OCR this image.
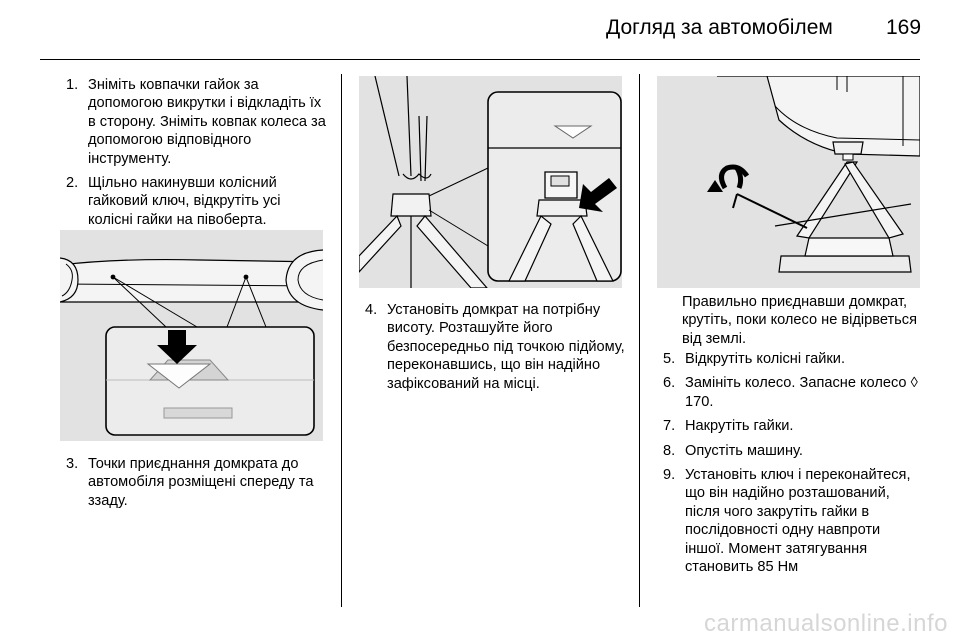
Догляд за автомобілем	169
1. Зніміть ковпачки гайок за допомогою викрутки і відкладіть їх в сторону. Зніміть ковпак колеса за допомогою відповідного інструменту.
2. Щільно накинувши колісний гайковий ключ, відкрутіть усі колісні гайки на півоберта.
3. Точки приєднання домкрата до автомобіля розміщені спереду та ззаду.
4. Установіть домкрат на потрібну висоту. Розташуйте його безпосередньо під точкою підйому, переконавшись, що він надійно зафіксований на місці.

Правильно приєднавши домкрат, крутіть, поки колесо не відірветься від землі.

5. Відкрутіть колісні гайки.
6. Замініть колесо. Запасне колесо ◊ 170.
7. Накрутіть гайки.
8. Опустіть машину.
9. Установіть ключ і переконайтеся, що він надійно розташований, після чого закрутіть гайки в послідовності одну навпроти іншої. Момент затягування становить 85 Нм
carmanualsonline.info
